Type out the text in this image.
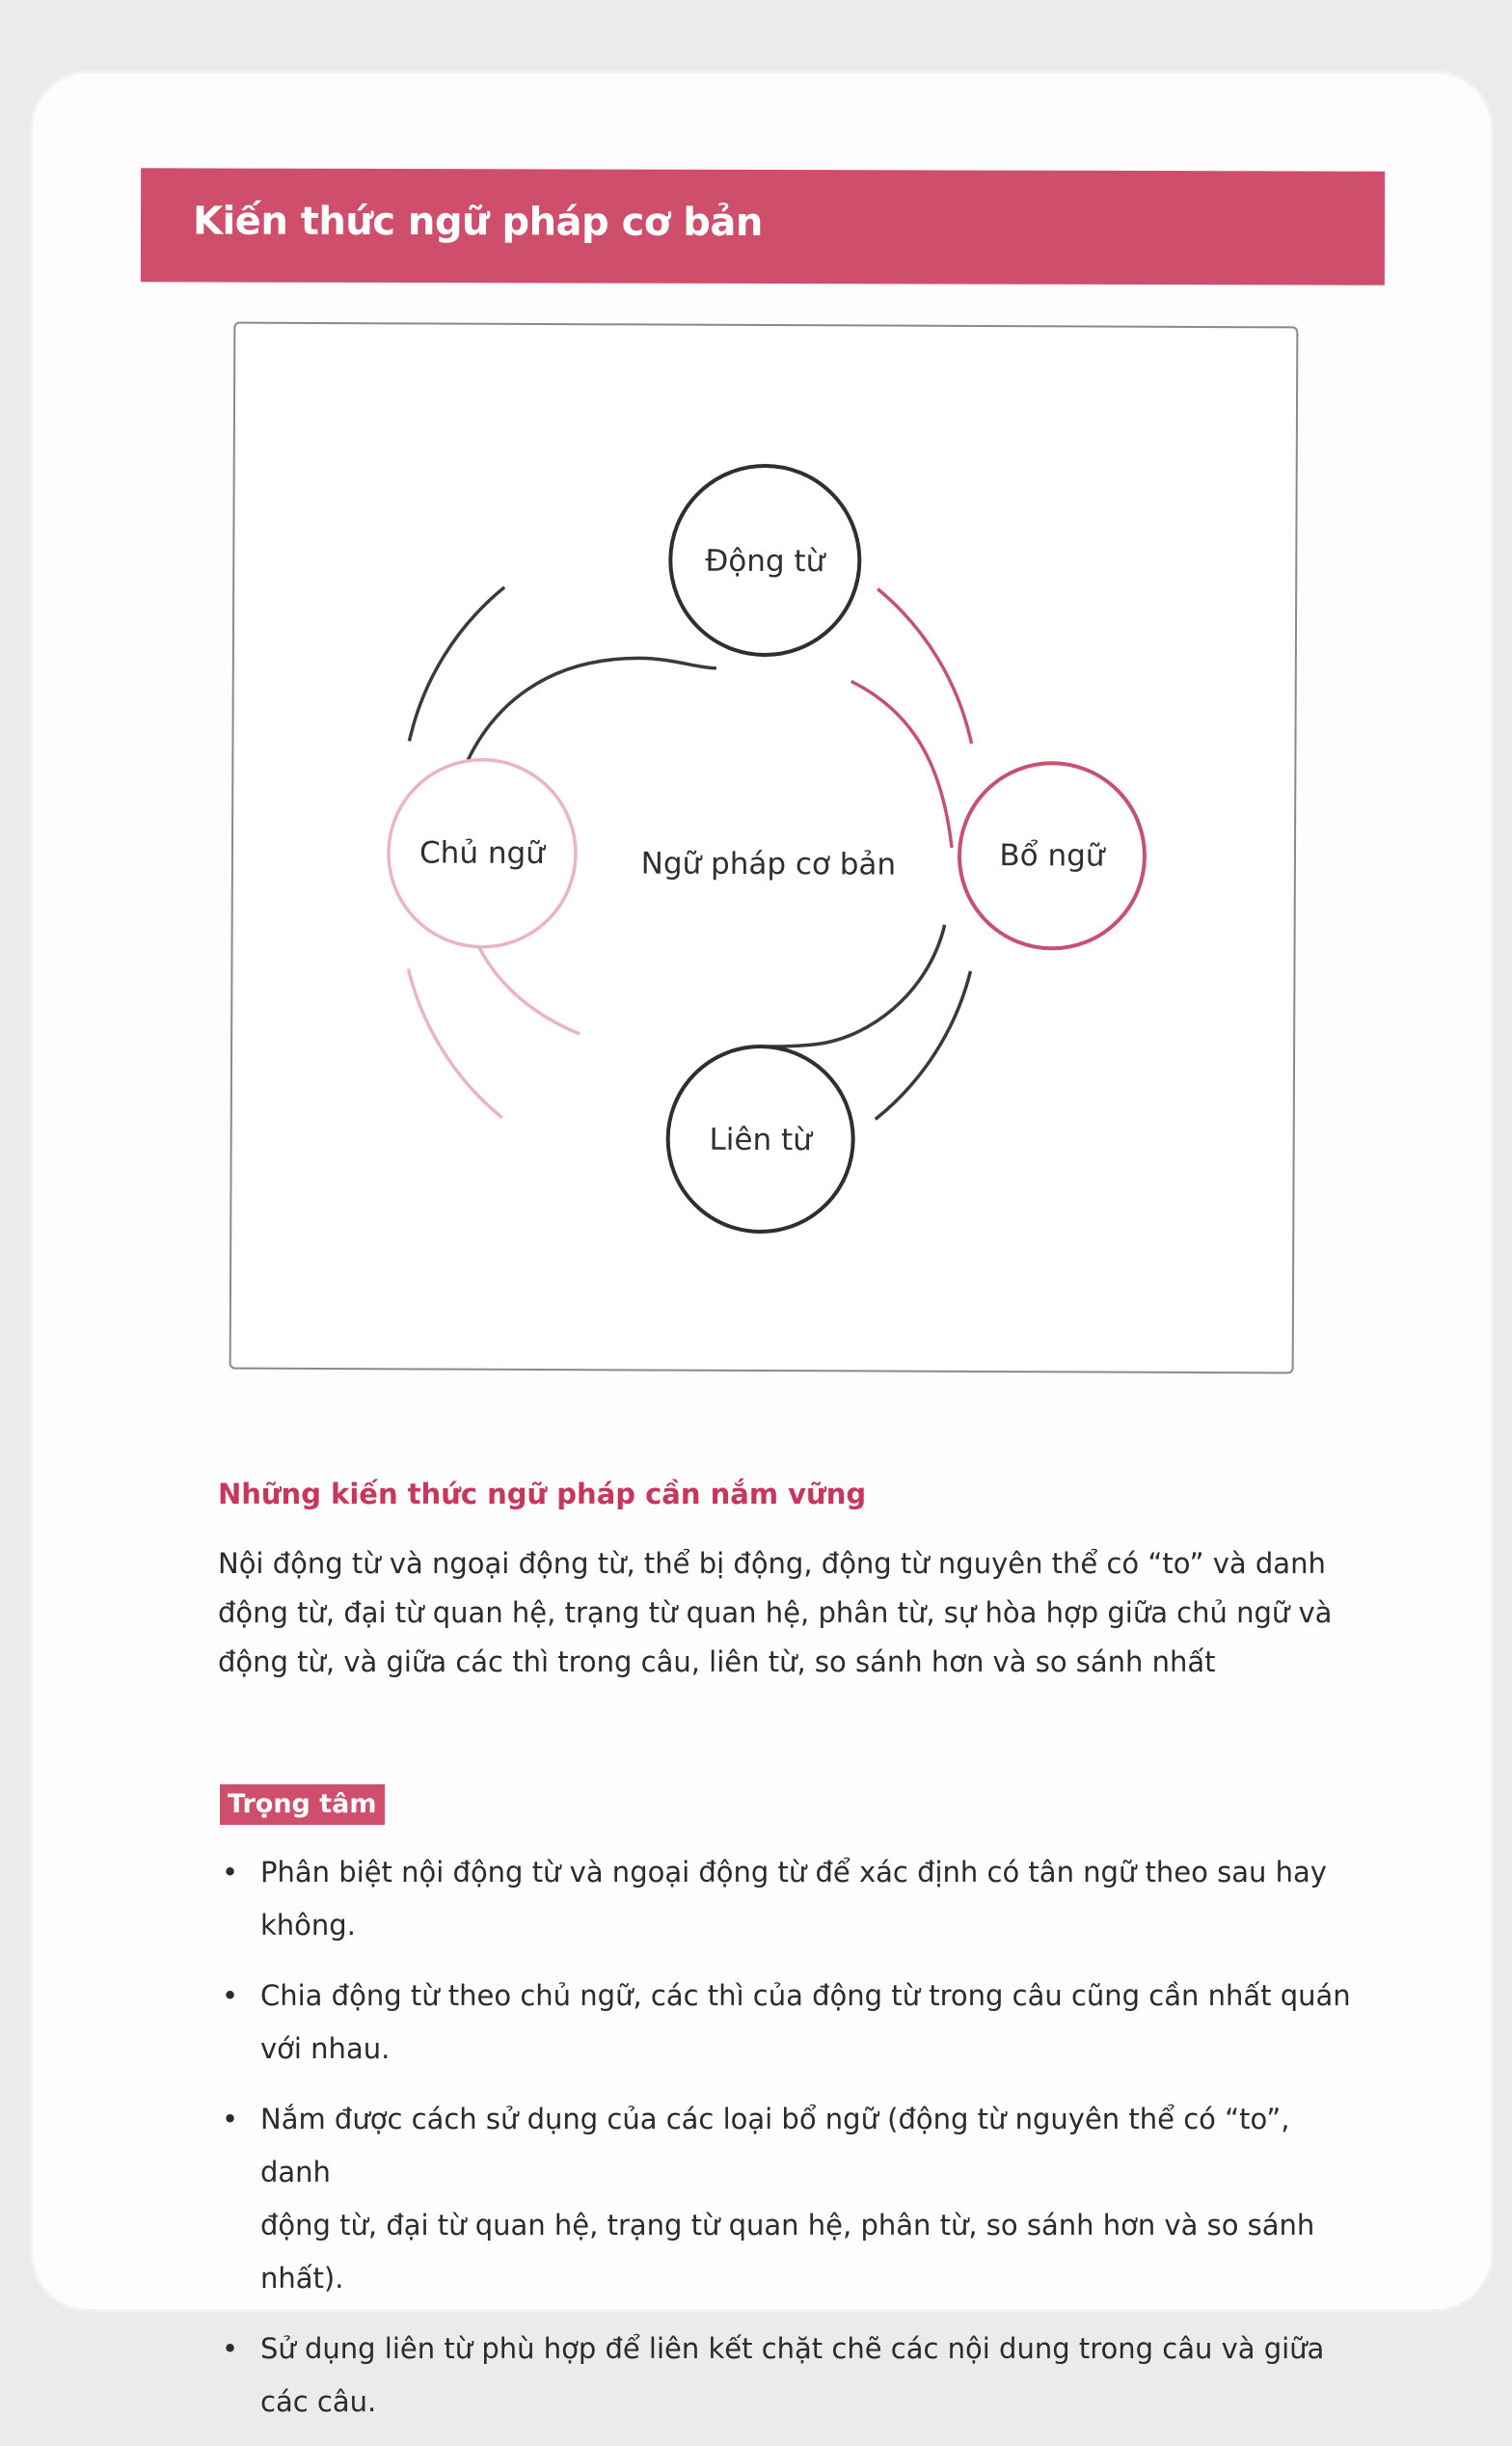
Kiến thức ngữ pháp cơ bản
Động từ
Bổ ngữ
Liên từ
Chủ ngữ	Ngữ pháp cơ bản
Những kiến thức ngữ pháp cần nắm vững

Nội động từ và ngoại động từ, thể bị động, động từ nguyên thể có “to” và danh
động từ, đại từ quan hệ, trạng từ quan hệ, phân từ, sự hòa hợp giữa chủ ngữ và
động từ, và giữa các thì trong câu, liên từ, so sánh hơn và so sánh nhất

Trọng tâm
• Phân biệt nội động từ và ngoại động từ để xác định có tân ngữ theo sau hay không.
• Chia động từ theo chủ ngữ, các thì của động từ trong câu cũng cần nhất quán
với nhau.
• Nắm được cách sử dụng của các loại bổ ngữ (động từ nguyên thể có “to”, danh
động từ, đại từ quan hệ, trạng từ quan hệ, phân từ, so sánh hơn và so sánh nhất).
• Sử dụng liên từ phù hợp để liên kết chặt chẽ các nội dung trong câu và giữa
các câu.
